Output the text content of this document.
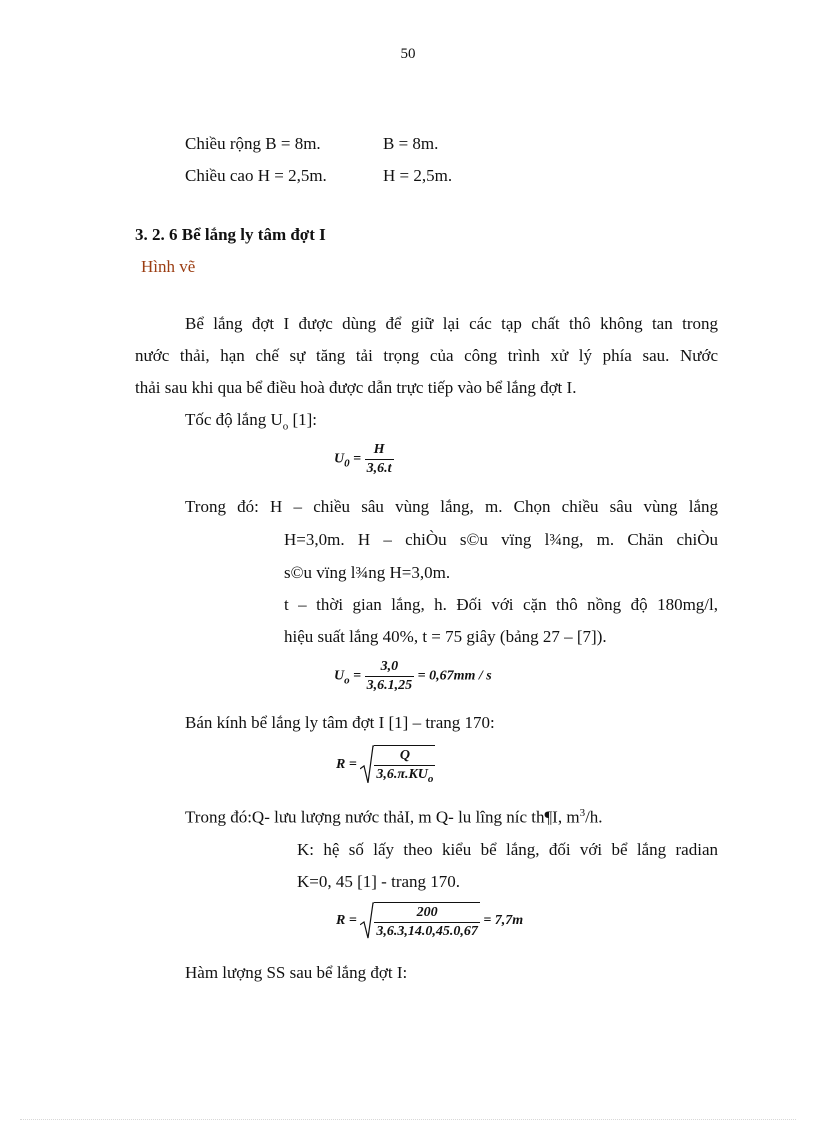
50
Chiều rộng B = 8m.	B = 8m.
Chiều cao H = 2,5m.	H = 2,5m.
3. 2. 6 Bể lắng ly tâm đợt I
Hình vẽ
Bể lắng đợt I được dùng để giữ lại các tạp chất thô không tan trong
nước thải, hạn chế sự tăng tải trọng của công trình xử lý phía sau. Nước
thải sau khi qua bể điều hoà được dẫn trực tiếp vào bể lắng đợt I.
Tốc độ lắng $U_o$ [1]:
$U_0 = \frac{H}{3,6.t}$
Trong đó: H – chiều sâu vùng lắng, m. Chọn chiều sâu vùng lắng
H=3,0m. H – chiÒu s©u vïng l¾ng, m. Chän chiÒu
s©u vïng l¾ng H=3,0m.
t – thời gian lắng, h. Đối với cặn thô nồng độ 180mg/l,
hiệu suất lắng 40%, t = 75 giây (bảng 27 – [7]).
$U_o = \frac{3,0}{3,6.1,25} = 0,67mm / s$
Bán kính bể lắng ly tâm đợt I [1] – trang 170:
$R = \frac{Q}{3,6.\pi.KU_o}$
Trong đó:Q- lưu lượng nước thảI, m Q- lu lîng níc th¶I, $m^3/h$.
K: hệ số lấy theo kiểu bể lắng, đối với bể lắng radian
K=0, 45 [1] - trang 170.
$R = \frac{200}{3,6.3,14.0,45.0,67} = 7,7m$
Hàm lượng SS sau bể lắng đợt I:
